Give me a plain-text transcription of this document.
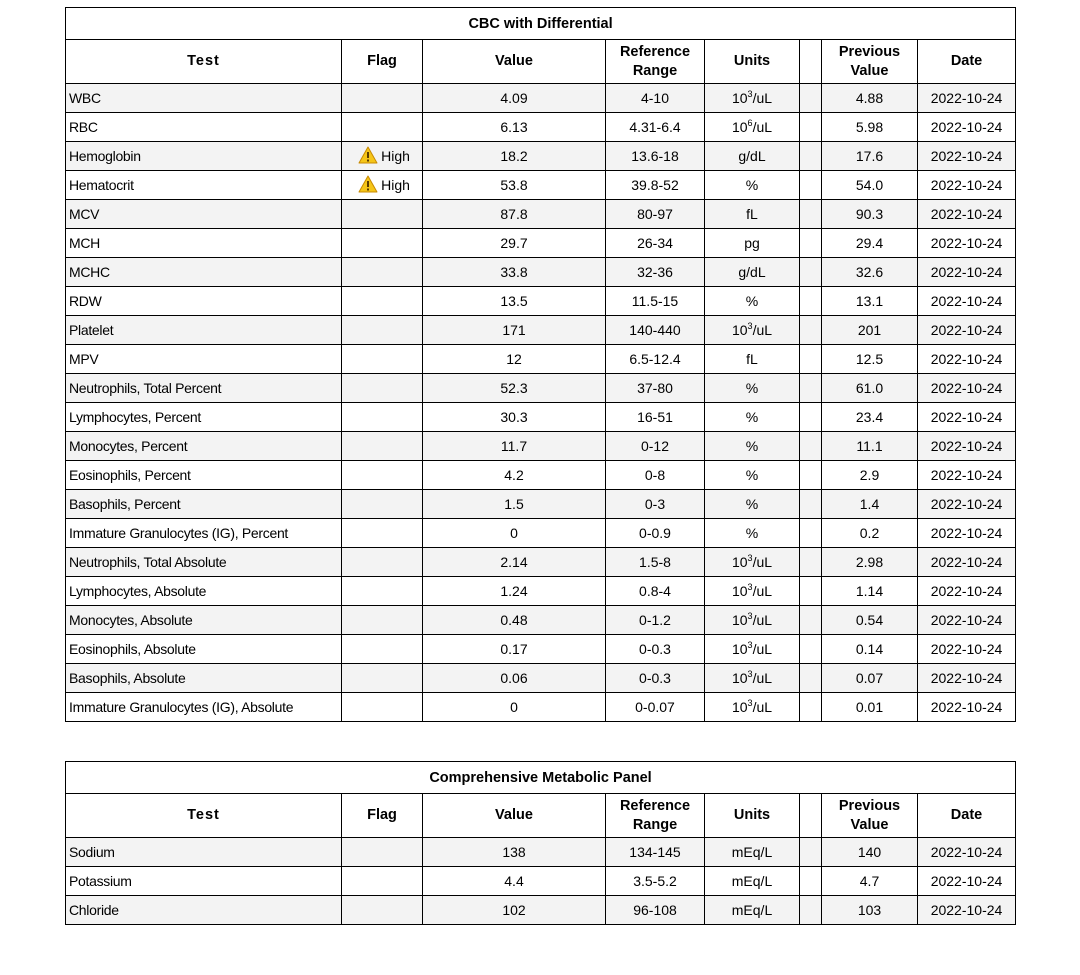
CBC with Differential							
Test	Flag	Value	Reference Range	Units		Previous Value	Date
WBC		4.09	4-10	$10^3/uL$		4.88	2022-10-24
RBC		6.13	4.31-6.4	$10^6/uL$		5.98	2022-10-24
Hemoglobin	High	18.2	13.6-18	g/dL		17.6	2022-10-24
Hematocrit	High	53.8	39.8-52	%		54.0	2022-10-24
MCV		87.8	80-97	fL		90.3	2022-10-24
MCH		29.7	26-34	pg		29.4	2022-10-24
MCHC		33.8	32-36	g/dL		32.6	2022-10-24
RDW		13.5	11.5-15	%		13.1	2022-10-24
Platelet		171	140-440	$10^3/uL$		201	2022-10-24
MPV		12	6.5-12.4	fL		12.5	2022-10-24
Neutrophils, Total Percent		52.3	37-80	%		61.0	2022-10-24
Lymphocytes, Percent		30.3	16-51	%		23.4	2022-10-24
Monocytes, Percent		11.7	0-12	%		11.1	2022-10-24
Eosinophils, Percent		4.2	0-8	%		2.9	2022-10-24
Basophils, Percent		1.5	0-3	%		1.4	2022-10-24
Immature Granulocytes (IG), Percent		0	0-0.9	%		0.2	2022-10-24
Neutrophils, Total Absolute		2.14	1.5-8	$10^3/uL$		2.98	2022-10-24
Lymphocytes, Absolute		1.24	0.8-4	$10^3/uL$		1.14	2022-10-24
Monocytes, Absolute		0.48	0-1.2	$10^3/uL$		0.54	2022-10-24
Eosinophils, Absolute		0.17	0-0.3	$10^3/uL$		0.14	2022-10-24
Basophils, Absolute		0.06	0-0.3	$10^3/uL$		0.07	2022-10-24
Immature Granulocytes (IG), Absolute		0	0-0.07	$10^3/uL$		0.01	2022-10-24
Comprehensive Metabolic Panel							
Test	Flag	Value	Reference Range	Units		Previous Value	Date
Sodium		138	134-145	mEq/L		140	2022-10-24
Potassium		4.4	3.5-5.2	mEq/L		4.7	2022-10-24
Chloride		102	96-108	mEq/L		103	2022-10-24
